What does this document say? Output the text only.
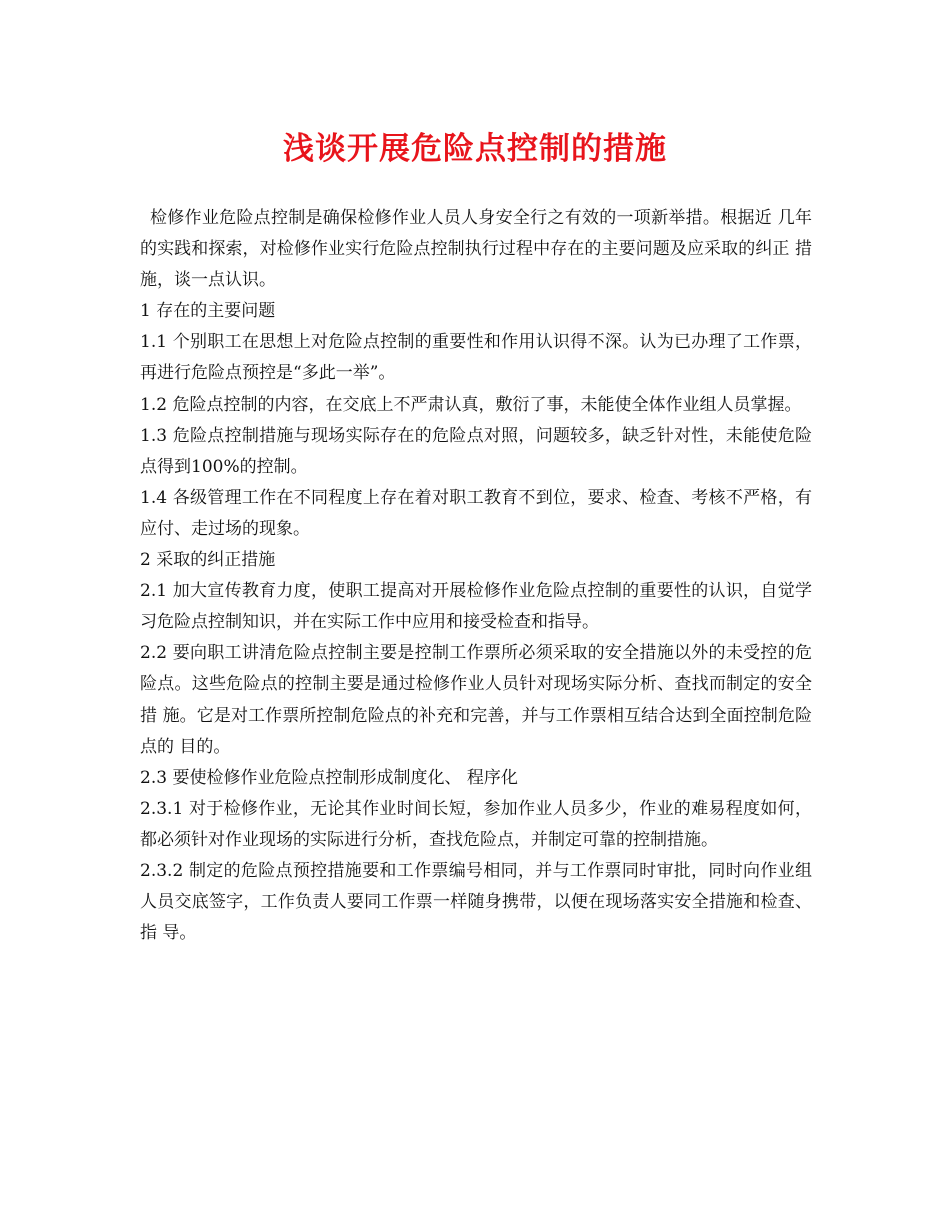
浅谈开展危险点控制的措施

检修作业危险点控制是确保检修作业人员人身安全行之有效的一项新举措。根据近 几年的实践和探索，对检修作业实行危险点控制执行过程中存在的主要问题及应采取的纠正 措施，谈一点认识。

1 存在的主要问题

1.1 个别职工在思想上对危险点控制的重要性和作用认识得不深。认为已办理了工作票， 再进行危险点预控是“多此一举”。

1.2 危险点控制的内容，在交底上不严肃认真，敷衍了事，未能使全体作业组人员掌握。

1.3 危险点控制措施与现场实际存在的危险点对照，问题较多，缺乏针对性，未能使危险 点得到100%的控制。

1.4 各级管理工作在不同程度上存在着对职工教育不到位，要求、检查、考核不严格，有 应付、走过场的现象。

2 采取的纠正措施

2.1 加大宣传教育力度，使职工提高对开展检修作业危险点控制的重要性的认识，自觉学 习危险点控制知识，并在实际工作中应用和接受检查和指导。

2.2 要向职工讲清危险点控制主要是控制工作票所必须采取的安全措施以外的未受控的危 险点。这些危险点的控制主要是通过检修作业人员针对现场实际分析、查找而制定的安全措 施。它是对工作票所控制危险点的补充和完善，并与工作票相互结合达到全面控制危险点的 目的。

2.3 要使检修作业危险点控制形成制度化、 程序化

2.3.1 对于检修作业，无论其作业时间长短，参加作业人员多少，作业的难易程度如何， 都必须针对作业现场的实际进行分析，查找危险点，并制定可靠的控制措施。

2.3.2 制定的危险点预控措施要和工作票编号相同，并与工作票同时审批，同时向作业组 人员交底签字，工作负责人要同工作票一样随身携带，以便在现场落实安全措施和检查、指 导。
